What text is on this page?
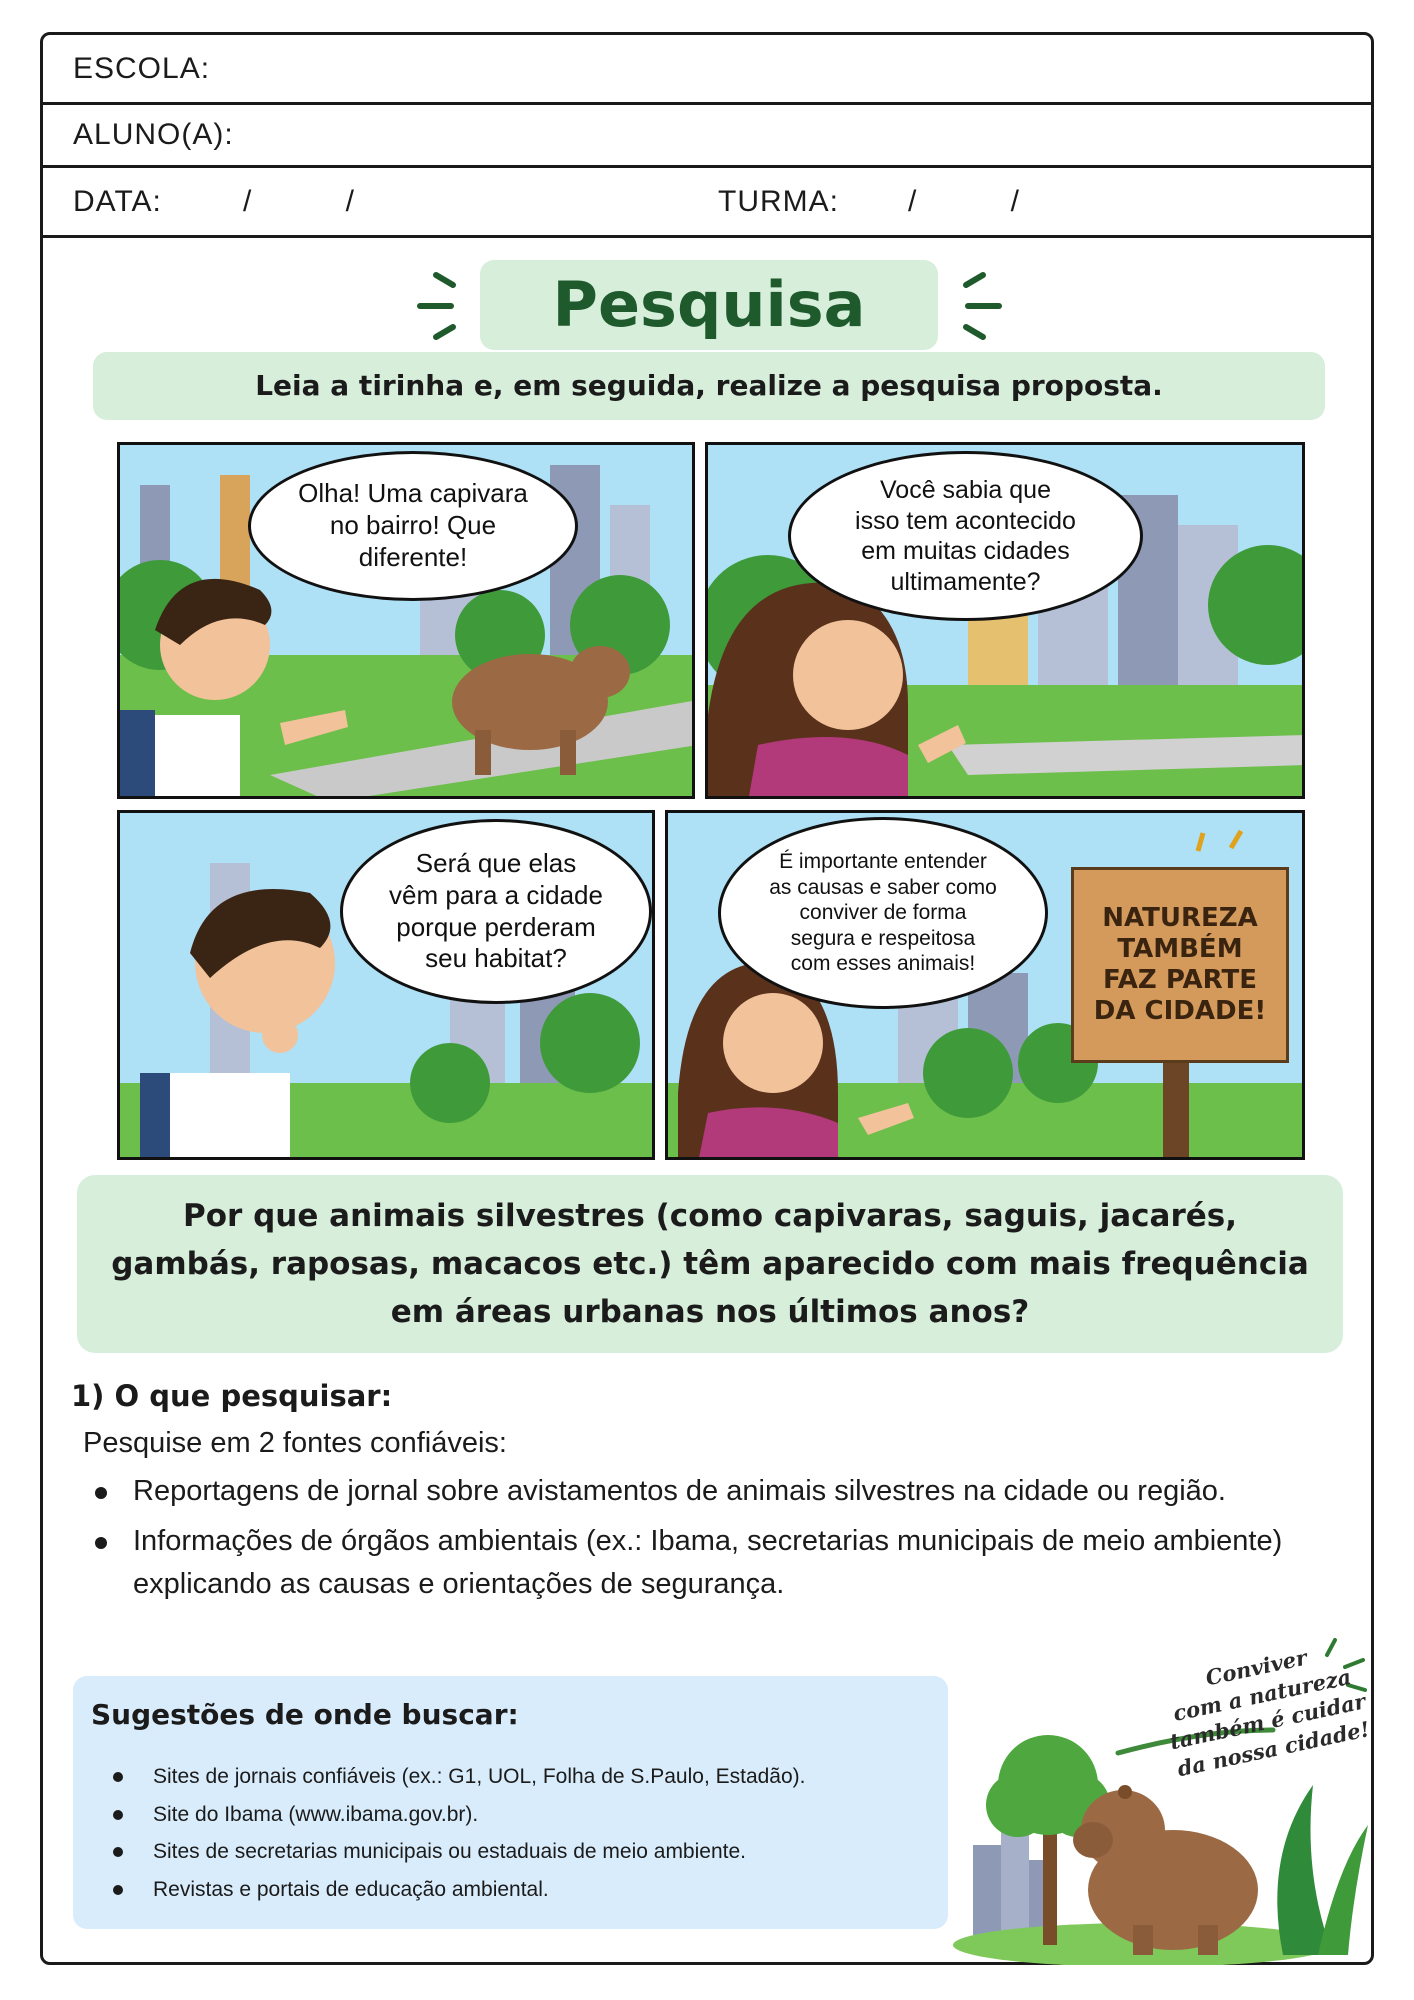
ESCOLA:
ALUNO(A):
DATA:	/          /	TURMA: /          /
Pesquisa
Leia a tirinha e, em seguida, realize a pesquisa proposta.
Olha! Uma capivara
no bairro! Que
diferente!
Você sabia que
isso tem acontecido
em muitas cidades
ultimamente?
Será que elas
vêm para a cidade
porque perderam
seu habitat?
É importante entender
as causas e saber como
conviver de forma
segura e respeitosa
com esses animais!
NATUREZA
TAMBÉM
FAZ PARTE
DA CIDADE!
Por que animais silvestres (como capivaras, saguis, jacarés, gambás, raposas, macacos etc.) têm aparecido com mais frequência em áreas urbanas nos últimos anos?
1) O que pesquisar:
Pesquise em 2 fontes confiáveis:
Reportagens de jornal sobre avistamentos de animais silvestres na cidade ou região.
Informações de órgãos ambientais (ex.: Ibama, secretarias municipais de meio ambiente) explicando as causas e orientações de segurança.
Sugestões de onde buscar:
Sites de jornais confiáveis (ex.: G1, UOL, Folha de S.Paulo, Estadão).
Site do Ibama (www.ibama.gov.br).
Sites de secretarias municipais ou estaduais de meio ambiente.
Revistas e portais de educação ambiental.
Conviver
com a natureza
também é cuidar
da nossa cidade!
